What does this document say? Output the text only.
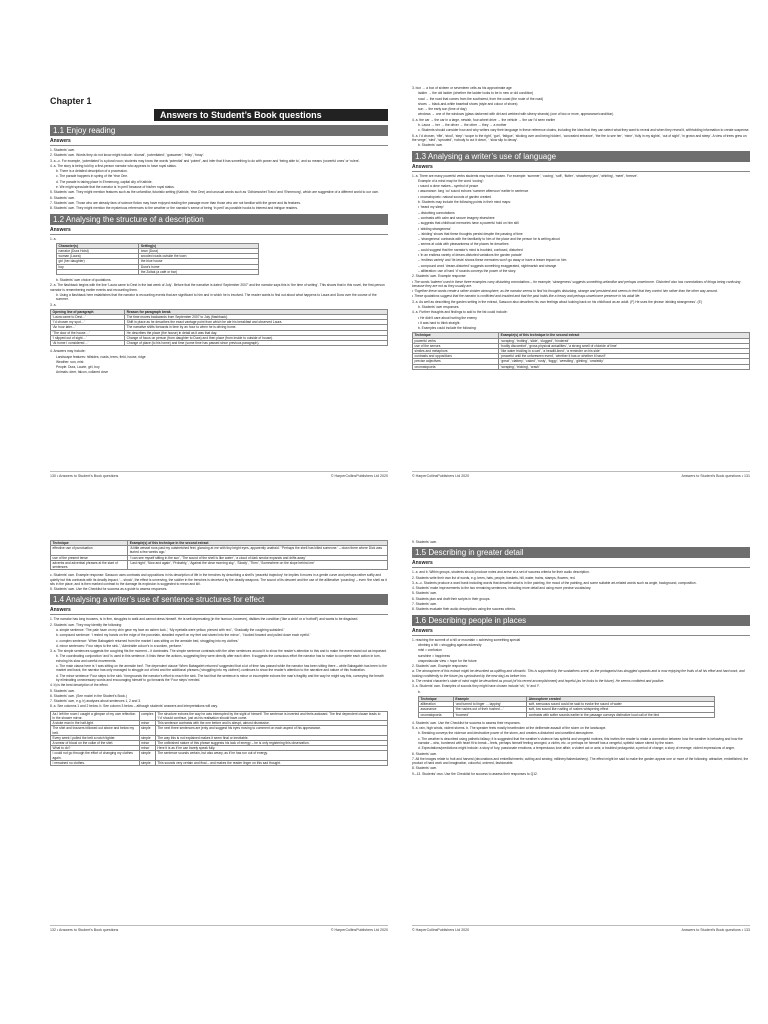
Chapter 1
Answers to Student’s Book questions
1.1 Enjoy reading
Answers

1. Students’ own.

2. Students’ own. Words they do not know might include: ‘diurnal’, ‘potentiated’, ‘gossamer’, ‘fritzy’, ‘foray’.

3. a.–c. For example, ‘potentiated’ is a plural noun; students may know the words ‘potential’ and ‘potent’, and infer that it has something to do with power and ‘being able to’, and so means ‘powerful ones’ or ‘rulers’.

4. a. The story is being told by a first-person narrator who appears to have royal status.

b. There is a detailed description of a procession.

c. The parade happens in spring of the Year One.

d. The parade is taking place in Ehmenong, capital city of Kathide.

e. We might speculate that the narrator is ‘in peril’ because of his/her royal status.

5. Students’ own. They might mention features such as the unfamiliar, futuristic setting (Kathide, Year One) and unusual words such as ‘Odhamoshet Travo’ and ‘Ehmenong’, which are suggestive of a different world to our own.

6. Students’ own.

7. Students’ own. Those who are already fans of science fiction may have enjoyed reading the passage more than those who are not familiar with the genre and its features.

8. Students’ own. They might mention the mysterious references to the weather or the narrator’s sense of being ‘in peril’ as possible hooks to interest and intrigue readers.

1.2 Analysing the structure of a description
Answers

1. a.

Character(s)	Setting(s)
narrator (Dura Holst)	town (Dura)
woman (Laura)	wooded roads outside the town
girl (her daughter)	the blue house
boy	Dura’s home
	the Zoltak (a café or bar)

b. Students’ own choice of quotations.

2. a. The flashback begins with the line ‘Laura came to Dest in the last week of July’. Before that the narrative is dated ‘September 2007’ and the narrator says this is ‘the time of writing’. This shows that in this novel, the first-person narrator is remembering earlier events and recounting them.

b. Using a flashback here establishes that the narrator is recounting events that are significant to him and in which he is involved. The reader wants to find out about what happens to Laura and Dura over the course of the summer.

3. a.

Opening line of paragraph	Reason for paragraph break
‘Laura came to Dest…’	The time moves backwards from September 2007 to July (flashback).
‘I’d chosen my spot…’	Shift in place as he describes the exact vantage point from which he ate his breakfast and observed Laura.
‘An hour later…’	The narrative shifts forwards in time by an hour to when he is driving home.
‘The door of the house…’	He describes the place (the house) in detail as it was that day.
‘I slipped out of sight…’	Change of focus on person (from daughter to Dura) and then place (from inside to outside of house).
‘At home I considered…’	Change of place (to his home) and time (some time has passed since previous paragraph).

4. Answers may include:

Landscape features: hillsides, roads, trees, field, house, ridge

Weather: sun, mist

People: Dura, Laurie, girl, boy

Animals: deer, falcon, collared dove

130 • Answers to Student’s Book questions	© HarperCollinsPublishers Ltd 2020

3. box → a box of sixteen or seventeen cells as his approximate age

ladder → the old ladder (whether the ladder looks to be in new or old condition)

road → the road that comes from the southwest, from the coast (the route of the road)

shoes → black-and-white baseball shoes (style and colour of shoes)

sun → the early sun (time of day)

windows → one of the windows (glass darkened with dirt and webbed with silvery strands) (one of two or more, appearance/condition)

4. a. the car → the car in a large, newish, four-wheel drive → the vehicle → the car I’d seen earlier

b. Laura → her → the driver → the other → they → a mother

c. Students should consider how and why writers vary their language in these reference chains, including the idea that they can select what they want to reveal and when they reveal it, withholding information to create suspense.

5. a. I’d chosen, ‘rifle’, ‘stool’, ‘step’: ‘scope to the right’, ‘gun’, ‘fatigue’, ‘sticking over and being hidden’, ‘concealed entrance’, ‘the fire to see her’, ‘mine’, ‘fully in my sights’, ‘out of sight’, ‘in grown and steep’. A view of trees grew on the verge’, ‘sled’, ‘sprouted’, ‘nobody to cut it down’, ‘ ‘slow slip to decay’.

b. Students’ own.

1.3 Analysing a writer’s use of language
Answers

1. a. There are many powerful verbs students may have chosen. For example: ‘summer’, ‘cooing’, ‘soft’, ‘flutter’, ‘strawberry jam’, ‘whirling’, ‘meet’, ‘breeze’.

Example of a mind map for the word ‘cooing’:

• sound a dove makes – symbol of peace

• assonance: long ‘oo’ sound echoes ‘summer afternoon’ earlier in sentence

• onomatopoeic: natural sounds of garden created

b. Students may include the following points in their mind maps:

• ‘heard my sleep’

– disturbing connotations

– contrasts with calm and secure imagery elsewhere

– suggests that childhood memories have a powerful hold on him still

• ‘abiding strangeness’

– ‘abiding’ shows that these thoughts persist despite the passing of time

– ‘strangeness’ contrasts with the familiarity to him of the place and the person he is writing about

– seems at odds with pleasantness of the places he describes

– could suggest that the narrator’s mind is troubled, confused, disturbed

• ‘in an endless variety of dream-distorted variations the garden parade’

– ‘endless variety’ and ‘lie-tests’ shows these memories won’t go away or have a lesser impact on him

– compound word ‘dream-distorted’ suggests something exaggerated, nightmarish and strange

– alliteration: use of hard ‘d’ sounds conveys the power of the story.

2. Students’ own. Example response:

• The words ‘baleem’ used in these three examples carry disturbing connotations – for example, ‘strangeness’ suggests something unfamiliar and perhaps unwelcome. ‘Distorted’ also has connotations of things being confusing because they are not as they usually are.

• ‘Together these words create a rather sinister atmosphere, as the narrator seems to find his thoughts disturbing, strange and persistent and seems to feel that they control him rather than the other way around.

• These quotations suggest that the narrator is conflicted and troubled and that the past holds like a heavy and perhaps unwelcome presence in his adult life.

3. a. As well as describing the garden setting in the extract, Sassoon also describes his own feelings about looking back on his childhood as an adult. (F) He uses the phrase ‘abiding strangeness’. (E)

b. Students’ own responses.

4. a. Further thoughts and findings to add to the list could include:

• He didn’t care about hurting the enemy

• It was hard to think straight.

b. Examples could include the following:

Technique	Example(s) of this technique in the second extract
powerful verbs	‘scraping’, ‘trotting’, ‘slide’, ‘clogged’, ‘hindered’
use of the senses	‘bodily discomfort’, ‘gross physical actualities’, ‘a strong smell of chloride of lime’
similes and metaphors	‘like water trickling in a cart’, ‘a headlit-lined’, ‘a reminder on his side’
contrasts and oppositions	‘peaceful until the unforeseen event’, ‘whether it has or whether it hasn’t’
precise adjectives	‘great’, ‘clattery’, ‘caked’, ‘rusty’, ‘foggy’, ‘wrestling’, ‘glinting’, ‘unwieldy’
onomatopoeia	‘scraping’, ‘tricking’, ‘crash’
© HarperCollinsPublishers Ltd 2020	Answers to Student’s Book questions • 131
Technique	Example(s) of this technique in the second extract
effective use of punctuation	‘A little wessel runs past my outstretched feet, glancing at me with tiny bright eyes, apparently unafraid.’ ‘Perhaps the shell has killed someone.’ – down there where Dick was buried a few weeks ago.’
use of the present tense	‘I can see myself sitting in the sun’, ‘The sound of the shell is like water’, ‘a cloud of dark smoke expands and drifts away’
adverbs and adverbial phrases at the start of sentences	‘Last night’, ‘Now and again’, ‘Probably,’, ‘Against the clear morning sky,’, ‘Slowly’, ‘Then’, ‘Somewhere on the slope behind me’

c. Students’ own. Example response: Sassoon uses contrasts and oppositions in his description of life in the trenches by describing a shell’s ‘peaceful trajectory’ he implies it moves in a gentle curve and perhaps rather softly and quietly but this contrasts with its deadly impact. ‘…shock’, the effect is unnerving, the soldier in the trenches is deceived by the deadly weapons. The sound of its descent and the use of the alliterative ‘pounding’ – even ‘the shell as it sits in the place, and is then marked contrast to the damage its explosion is suggested to mean and kill.

5. Students’ own. Use the Checklist for success as a guide to assess responses.

1.4 Analysing a writer’s use of sentence structures for effect
Answers

1. The narrator has long trousers, is in firm, struggles to walk and cannot dress himself. He is self-deprecating (in the humour, however), dislikes the condition (‘like a child’ or a ‘hothoff’) and wants to be disguised.

2. Students’ own. They may identify the following:

a. simple sentence: ‘The pale haze on my chin gave my face an ashen look.’, ‘My eyeballs were yellow, pierced with red.’, ‘Gradually the coughing subsided.’

b. compound sentence: ‘I rested my hands on the edge of the porcelain, steadied myself on my feet and stared into the mirror.’, ‘I looked forward and pulled down each eyelid.’

c. complex sentence: ‘When Babagaleh returned from the market I was sitting on the armside bed, struggling into my clothes.’

d. minor sentences: ‘Four steps to the sink.’, ‘Admirable colour’s in a sunken, perfume.’

3. a. The simple sentences suggests the coughing fits the moment – it dominates. The simple sentence contrasts with the other sentences around it to show the reader’s attention to this and to make the event stand out as important.

b. The coordinating conjunction ‘and’ is used in this sentence. It links these the actions, suggesting they were directly after each other. It suggests the conscious effort the narrator has to make to complete each action in turn, echoing his slow and careful movements.

c. The main clause here is ‘I was sitting on the armside bed’. The dependent clause ‘When Babagaleh returned’ suggested that a lot of time has passed while the narrator has been sitting there – while Babagaleh has been to the market and back, the narrator has only managed to struggle out of bed and the additional phrases (‘struggling into my clothes’) continues to show the reader’s attention to the narrative and nature of this frustration.

d. The minor sentence ‘Four steps to the sink.’ foregrounds the narrator’s effort to reach the sink. The fact that the sentence is minor or incomplete echoes the man’s fragility and the way he might say this, conveying the breath by eliminating unnecessary words and encouraging himself to go forwards the ‘Four steps’ needed.

4. b) is the best description of the effect.

5. Students’ own.

6. Students’ own. (See model in the Student’s Book.)

7. Students’ own, e.g. b) analyses about sentences 1, 2 and 3.

8. a. See columns 1 and 2 below. b. See column 3 below – although students’ answers and interpretations will vary.

As I left the room I caught a glimpse of my own reflection in the shower mirror.	complex	The structure echoes the way he was interrupted by the sight of himself. The sentence is inverted and feels awkward. The first dependent clause leads to ‘I’d’ should continue, just as his realisation should have come.
A stoke man in the half-light.	minor	This sentence contrasts with the one before and is abrupt, almost dismissive.
The shirt and trousers billowed out above and below my belt.	simple	The next three sentences are jerky and suggest his eyes moving to comment on each aspect of his appearance.
Every week I pulled the belt a notch tighter.	simple	The way this is not explained makes it seem final or inevitable.
A smear of blood on the collar of the shirt.	minor	The unfinished nature of this phrase suggests his lack of energy – he is only registering this observation.
What to do?	minor	Here it is as if he can barely speak fully.
I could not go through the effort of changing my clothes again.	simple	The sentence sounds certain, but also weary, as if he has run out of energy.
I remained no clothes.	simple	This sounds very certain and final – and makes the reader linger on this sad thought.
132 • Answers to Student’s Book questions	© HarperCollinsPublishers Ltd 2020

9. Students’ own.

1.5 Describing in greater detail
Answers

1. a. and b. Within groups, students should produce notes and arrive at a set of success criteria for their audio description.

2. Students write their own list of words, e.g. trees, hats, people, baskets, hill, water, trains, stamps, flowers, red.

3. a.–c. Students produce a word bank including words that describe what is in the painting, the mood of the painting, and some suitable art-related words such as angle, background, composition.

4. Students’ make improvements to the two remaining sentences, including more detail and using more precise vocabulary.

5. Students’ own.

6. Students plan and draft their scripts in their groups.

7. Students’ own.

8. Students evaluate their audio descriptions using the success criteria.

1.6 Describing people in places
Answers

1. reaching the summit of a hill or mountain = achieving something special

climbing a hill = struggling against adversity

mist = confusion

sunshine = happiness

unspectacular view = hope for the future

2. Students’ own. Example responses:

a. The atmosphere of this extract might be described as uplifting and climactic. This is supported by the sunbathers scent, as the protagonist has struggled upwards and is now enjoying the fruits of all his effort and hard work, and looking confidently to the future (as symbolised by the new day) as before him.

b. The central character’s state of mind might be described as proud (of his recent accomplishment) and hopeful (as he looks to the future). He seems confident and positive.

3. a. Students’ own. Examples of sounds they might have chosen include ‘sh’, ‘b’ and ‘f’.

b.

Technique	Example	Atmosphere created
alliteration	‘and turned to linger … lapping’	soft, sensuous sound could be said to evoke the sound of water
assonance	‘the rushes out of their hushed…’	soft, low sound like rustling of rushes whispering effect
onomatopoeia	‘boomed’	contrasts with softer sounds earlier in the passage conveys distinctive loud call of the bird

4. Students’ own. Use the Checklist for success to assess their responses.

5. a. rain, high winds, violent storms. b. The speaker feels mostly heartbroken at the deliberate assault of the storm on the landscape.

b. Breaking conveys the violence and destructive power of the storm, and creates a disturbed and unsettled atmosphere.

c. The weather is described using pathetic fallacy; it is suggested that the weather’s violence has spiteful and vengeful motives, this invites the reader to make a connection between how the weather is behaving and how the narrator – who, burdened with heart fit to break – feels, perhaps himself feeling wronged, a victim, etc. or perhaps he himself has a vengeful, spiteful nature stirred by the storm.

d. Expectations/predictions might include: a story of fury, passionate emotions; a tempestuous love affair; a violent act or acts; a troubled protagonist; a period of change; a story of revenge; violent expressions of anger.

6. Students’ own.

7. All the images relate to fruit and harvest (decorations and embellishments; cutting and sewing; millinery/haberdashery). The effect might be said to make the garden appear one or more of the following: attractive, embellished, the product of hard work and imagination, colourful, ordered, fashionable.

8. Students’ own.

9.–13. Students’ own. Use the Checklist for success to assess their responses to Q12.

© HarperCollinsPublishers Ltd 2020	Answers to Student’s Book questions • 133
